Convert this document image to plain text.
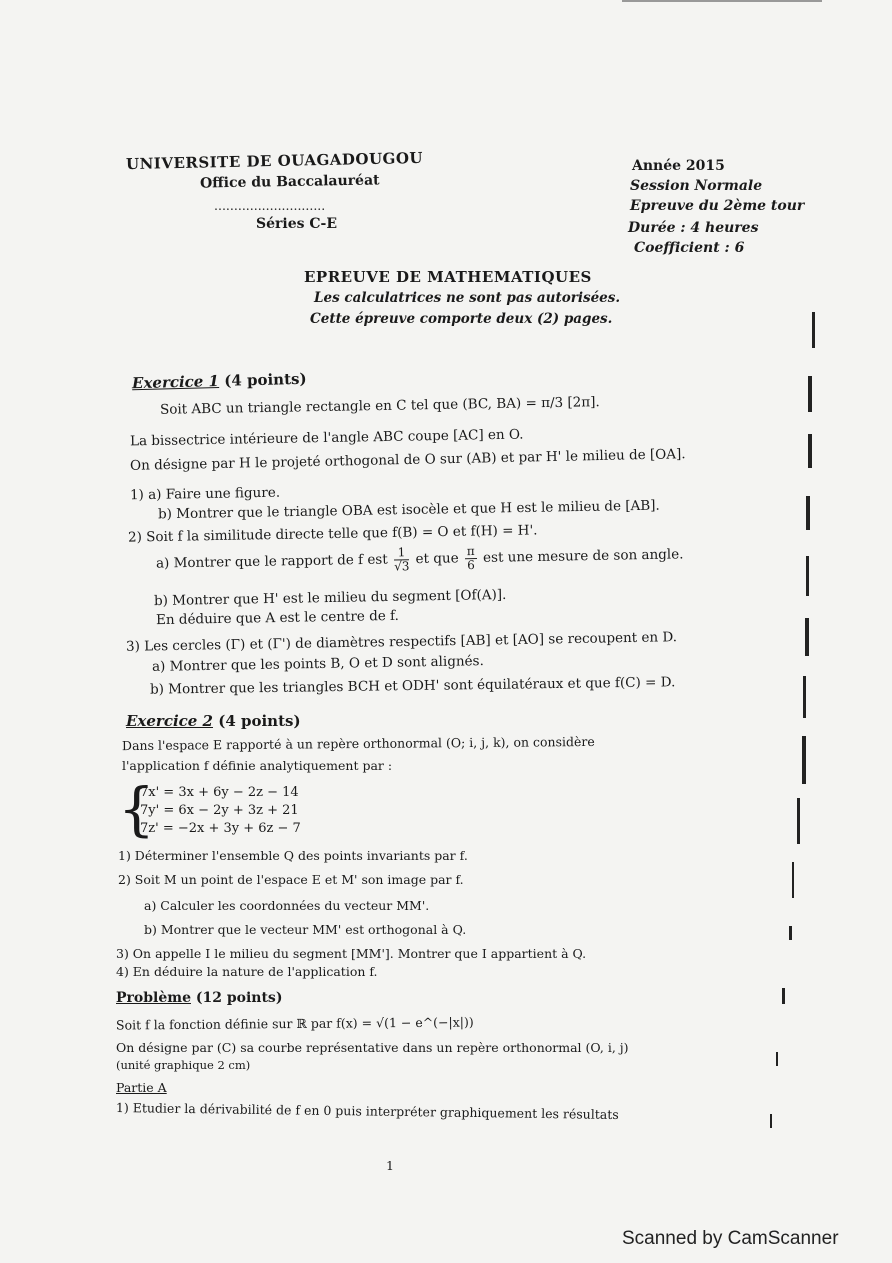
UNIVERSITE DE OUAGADOUGOU
Office du Baccalauréat
............................
Séries C-E
Année 2015
Session Normale
Epreuve du 2ème tour
Durée : 4 heures
Coefficient : 6
EPREUVE DE MATHEMATIQUES
Les calculatrices ne sont pas autorisées.
Cette épreuve comporte deux (2) pages.
Exercice 1 (4 points)
Soit ABC un triangle rectangle en C tel que (BC, BA) = π/3 [2π].
La bissectrice intérieure de l'angle ABC coupe [AC] en O.
On désigne par H le projeté orthogonal de O sur (AB) et par H' le milieu de [OA].
1) a) Faire une figure.
b) Montrer que le triangle OBA est isocèle et que H est le milieu de [AB].
2) Soit f la similitude directe telle que f(B) = O et f(H) = H'.
a) Montrer que le rapport de f est $\frac{1}{√3}$ et que $\frac{\pi}{6}$ est une mesure de son angle.
b) Montrer que H' est le milieu du segment [Of(A)].
En déduire que A est le centre de f.
3) Les cercles (Γ) et (Γ') de diamètres respectifs [AB] et [AO] se recoupent en D.
a) Montrer que les points B, O et D sont alignés.
b) Montrer que les triangles BCH et ODH' sont équilatéraux et que f(C) = D.
Exercice 2 (4 points)
Dans l'espace E rapporté à un repère orthonormal (O; i, j, k), on considère
l'application f définie analytiquement par :
{
7x' = 3x + 6y − 2z − 14
7y' = 6x − 2y + 3z + 21
7z' = −2x + 3y + 6z − 7
1) Déterminer l'ensemble Q des points invariants par f.
2) Soit M un point de l'espace E et M' son image par f.
a) Calculer les coordonnées du vecteur MM'.
b) Montrer que le vecteur MM' est orthogonal à Q.
3) On appelle I le milieu du segment [MM']. Montrer que I appartient à Q.
4) En déduire la nature de l'application f.
Problème (12 points)
Soit f la fonction définie sur ℝ par f(x) = √(1 − e^(−|x|))
On désigne par (C) sa courbe représentative dans un repère orthonormal (O, i, j)
(unité graphique 2 cm)
Partie A
1) Etudier la dérivabilité de f en 0 puis interpréter graphiquement les résultats
1
Scanned by CamScanner
